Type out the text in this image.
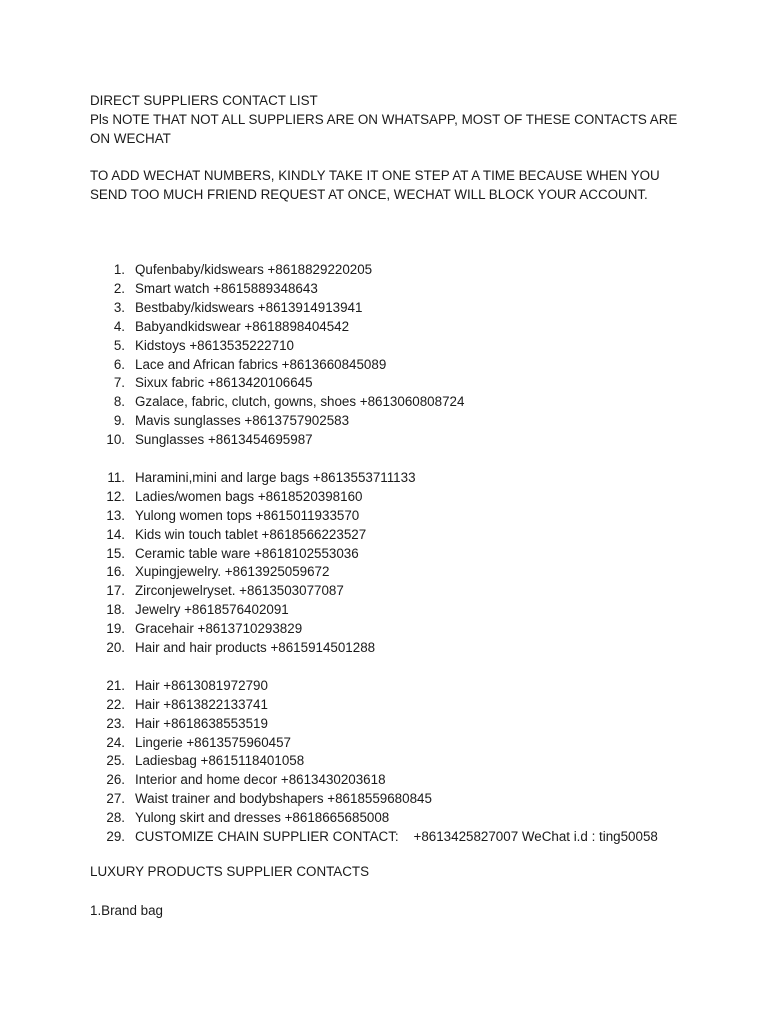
DIRECT SUPPLIERS CONTACT LIST
Pls NOTE THAT NOT ALL SUPPLIERS ARE ON WHATSAPP, MOST OF THESE CONTACTS ARE ON WECHAT
TO ADD WECHAT NUMBERS, KINDLY TAKE IT ONE STEP AT A TIME BECAUSE WHEN YOU SEND TOO MUCH FRIEND REQUEST AT ONCE, WECHAT WILL BLOCK YOUR ACCOUNT.
1. Qufenbaby/kidswears +8618829220205
2. Smart watch +8615889348643
3. Bestbaby/kidswears +8613914913941
4. Babyandkidswear +8618898404542
5. Kidstoys +8613535222710
6. Lace and African fabrics +8613660845089
7. Sixux fabric +8613420106645
8. Gzalace, fabric, clutch, gowns, shoes +8613060808724
9. Mavis sunglasses +8613757902583
10. Sunglasses +8613454695987
11. Haramini,mini and large bags +8613553711133
12. Ladies/women bags +8618520398160
13. Yulong women tops +8615011933570
14. Kids win touch tablet +8618566223527
15. Ceramic table ware +8618102553036
16. Xupingjewelry. +8613925059672
17. Zirconjewelryset. +8613503077087
18. Jewelry +8618576402091
19. Gracehair +8613710293829
20. Hair and hair products +8615914501288
21. Hair +8613081972790
22. Hair +8613822133741
23. Hair +8618638553519
24. Lingerie +8613575960457
25. Ladiesbag +8615118401058
26. Interior and home decor +8613430203618
27. Waist trainer and bodybshapers +8618559680845
28. Yulong skirt and dresses +8618665685008
29. CUSTOMIZE CHAIN SUPPLIER CONTACT:    +8613425827007 WeChat i.d : ting50058
LUXURY PRODUCTS SUPPLIER CONTACTS
1.Brand bag
